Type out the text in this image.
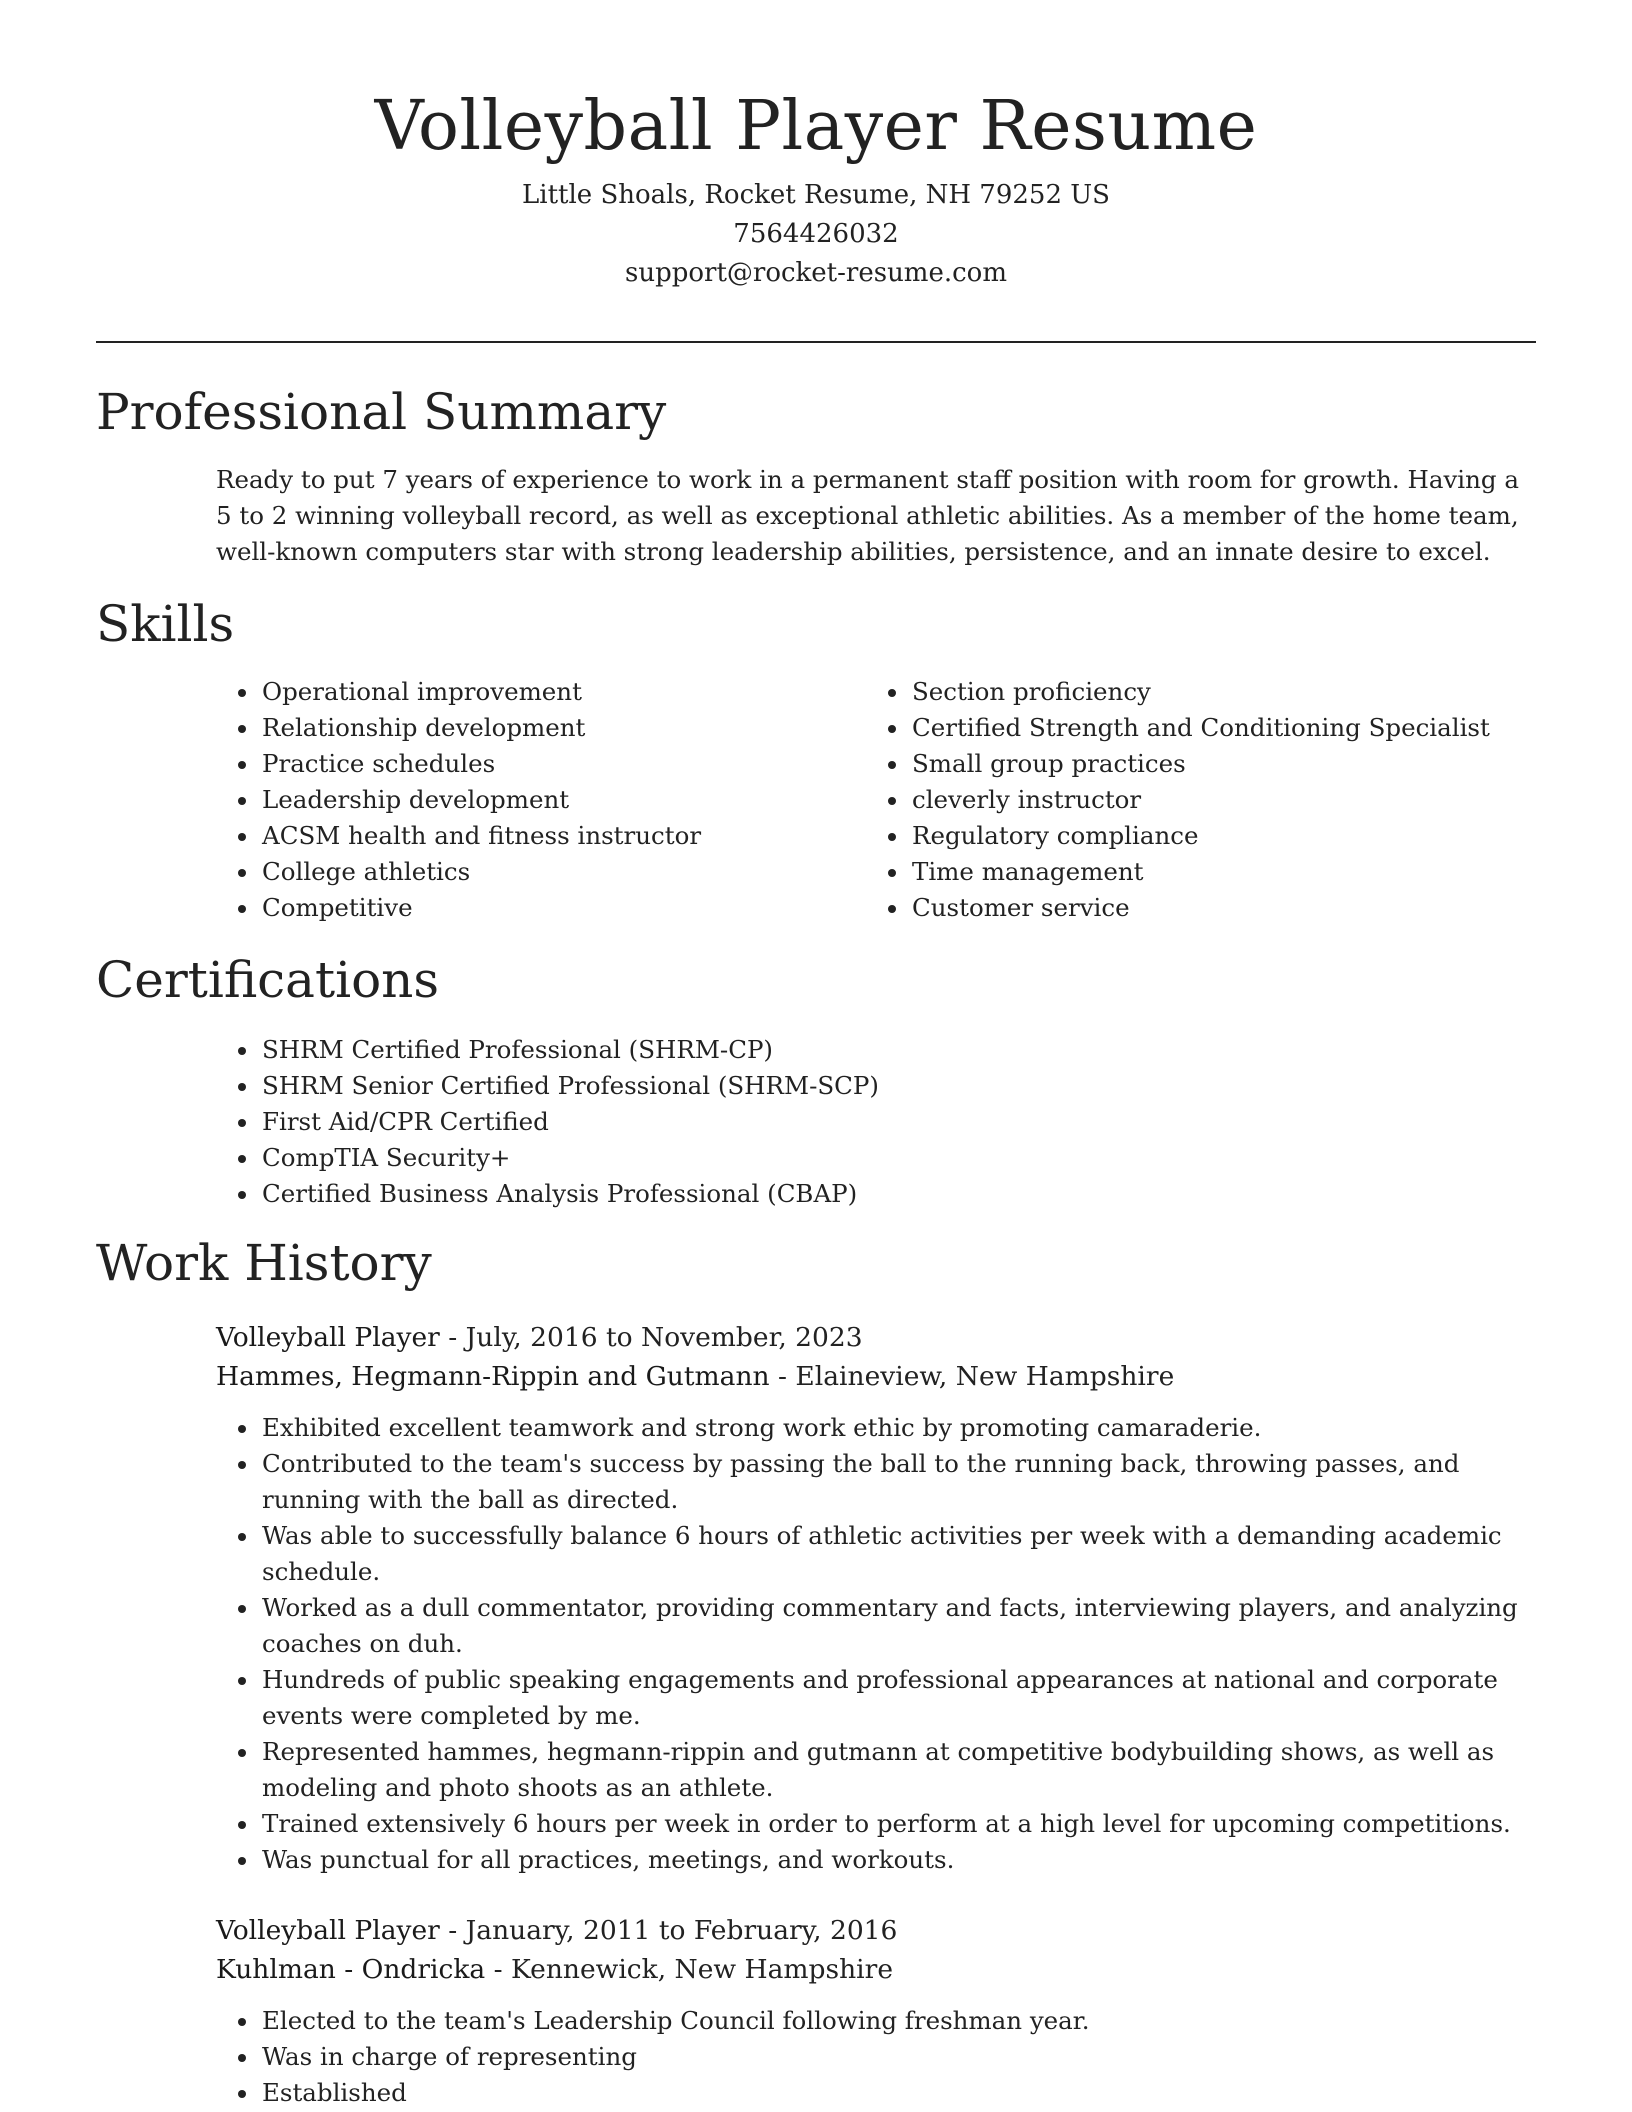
Volleyball Player Resume
Little Shoals, Rocket Resume, NH 79252 US
7564426032
support@rocket-resume.com
Professional Summary

Ready to put 7 years of experience to work in a permanent staff position with room for growth. Having a 5 to 2 winning volleyball record, as well as exceptional athletic abilities. As a member of the home team, well-known computers star with strong leadership abilities, persistence, and an innate desire to excel.

Skills
• Operational improvement
• Relationship development
• Practice schedules
• Leadership development
• ACSM health and fitness instructor
• College athletics
• Competitive
• Section proficiency
• Certified Strength and Conditioning Specialist
• Small group practices
• cleverly instructor
• Regulatory compliance
• Time management
• Customer service
Certifications
• SHRM Certified Professional (SHRM-CP)
• SHRM Senior Certified Professional (SHRM-SCP)
• First Aid/CPR Certified
• CompTIA Security+
• Certified Business Analysis Professional (CBAP)
Work History
Volleyball Player - July, 2016 to November, 2023
Hammes, Hegmann-Rippin and Gutmann - Elaineview, New Hampshire
• Exhibited excellent teamwork and strong work ethic by promoting camaraderie.
• Contributed to the team's success by passing the ball to the running back, throwing passes, and running with the ball as directed.
• Was able to successfully balance 6 hours of athletic activities per week with a demanding academic schedule.
• Worked as a dull commentator, providing commentary and facts, interviewing players, and analyzing coaches on duh.
• Hundreds of public speaking engagements and professional appearances at national and corporate events were completed by me.
• Represented hammes, hegmann-rippin and gutmann at competitive bodybuilding shows, as well as modeling and photo shoots as an athlete.
• Trained extensively 6 hours per week in order to perform at a high level for upcoming competitions.
• Was punctual for all practices, meetings, and workouts.
Volleyball Player - January, 2011 to February, 2016
Kuhlman - Ondricka - Kennewick, New Hampshire
• Elected to the team's Leadership Council following freshman year.
• Was in charge of representing
• Established
